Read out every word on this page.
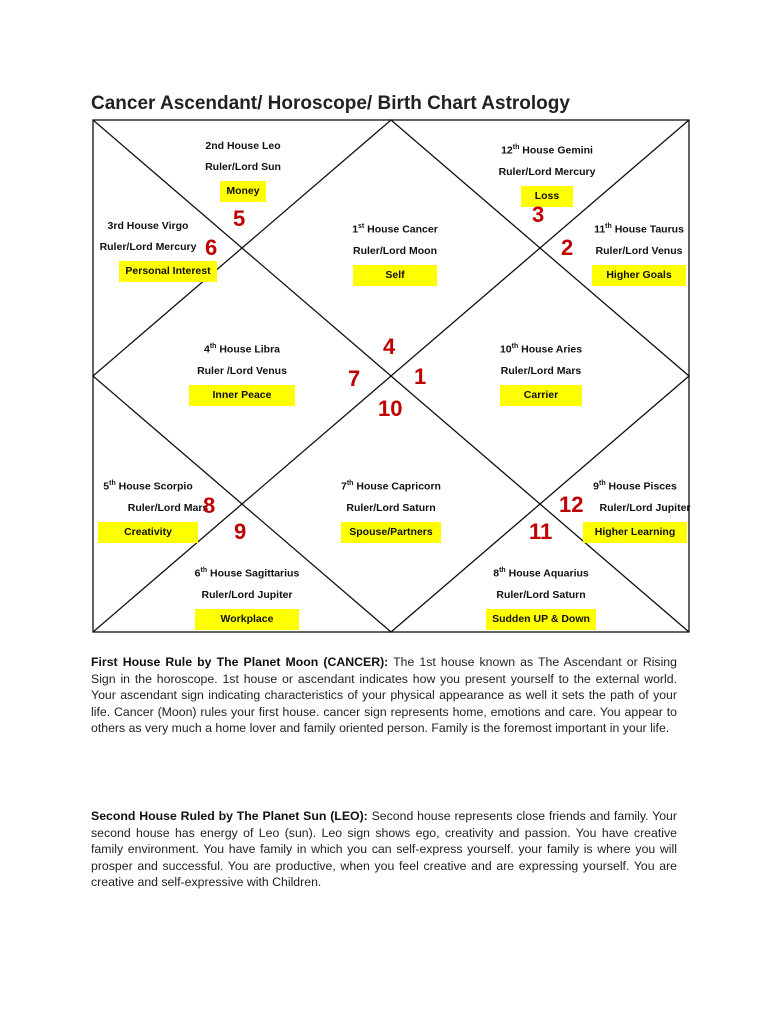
Cancer Ascendant/ Horoscope/ Birth Chart Astrology
2nd House Leo
Ruler/Lord Sun
Money
12th House Gemini
Ruler/Lord Mercury
Loss
3rd House Virgo
Ruler/Lord Mercury
Personal Interest
1st House Cancer
Ruler/Lord Moon
Self
11th House Taurus
Ruler/Lord Venus
Higher Goals
4th House Libra
Ruler /Lord Venus
Inner Peace
10th House Aries
Ruler/Lord Mars
Carrier
5th House Scorpio
Ruler/Lord Mars
Creativity
7th House Capricorn
Ruler/Lord Saturn
Spouse/Partners
9th House Pisces
Ruler/Lord Jupiter
Higher Learning
6th House Sagittarius
Ruler/Lord Jupiter
Workplace
8th House Aquarius
Ruler/Lord Saturn
Sudden UP & Down
5
6
3
2
4
7 1
10
8
9
12
11
First House Rule by The Planet Moon (CANCER): The 1st house known as The Ascendant or Rising Sign in the horoscope. 1st house or ascendant indicates how you present yourself to the external world. Your ascendant sign indicating characteristics of your physical appearance as well it sets the path of your life. Cancer (Moon) rules your first house. cancer sign represents home, emotions and care. You appear to others as very much a home lover and family oriented person. Family is the foremost important in your life.
Second House Ruled by The Planet Sun (LEO): Second house represents close friends and family. Your second house has energy of Leo (sun). Leo sign shows ego, creativity and passion. You have creative family environment. You have family in which you can self-express yourself. your family is where you will prosper and successful. You are productive, when you feel creative and are expressing yourself. You are creative and self-expressive with Children.
